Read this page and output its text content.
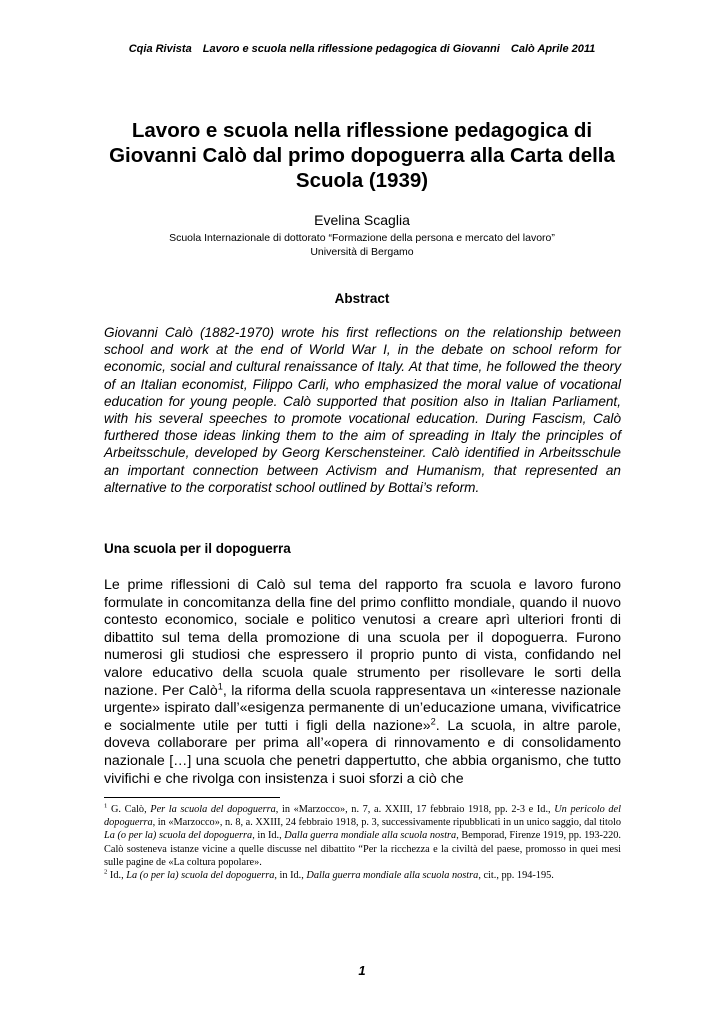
Cqia Rivista Lavoro e scuola nella riflessione pedagogica di Giovanni Calò Aprile 2011
Lavoro e scuola nella riflessione pedagogica di Giovanni Calò dal primo dopoguerra alla Carta della Scuola (1939)
Evelina Scaglia
Scuola Internazionale di dottorato “Formazione della persona e mercato del lavoro”
Università di Bergamo
Abstract
Giovanni Calò (1882-1970) wrote his first reflections on the relationship between school and work at the end of World War I, in the debate on school reform for economic, social and cultural renaissance of Italy. At that time, he followed the theory of an Italian economist, Filippo Carli, who emphasized the moral value of vocational education for young people. Calò supported that position also in Italian Parliament, with his several speeches to promote vocational education. During Fascism, Calò furthered those ideas linking them to the aim of spreading in Italy the principles of Arbeitsschule, developed by Georg Kerschensteiner. Calò identified in Arbeitsschule an important connection between Activism and Humanism, that represented an alternative to the corporatist school outlined by Bottai’s reform.
Una scuola per il dopoguerra
Le prime riflessioni di Calò sul tema del rapporto fra scuola e lavoro furono formulate in concomitanza della fine del primo conflitto mondiale, quando il nuovo contesto economico, sociale e politico venutosi a creare aprì ulteriori fronti di dibattito sul tema della promozione di una scuola per il dopoguerra. Furono numerosi gli studiosi che espressero il proprio punto di vista, confidando nel valore educativo della scuola quale strumento per risollevare le sorti della nazione. Per Calò$^1$, la riforma della scuola rappresentava un «interesse nazionale urgente» ispirato dall’«esigenza permanente di un’educazione umana, vivificatrice e socialmente utile per tutti i figli della nazione»$^2$. La scuola, in altre parole, doveva collaborare per prima all’«opera di rinnovamento e di consolidamento nazionale […] una scuola che penetri dappertutto, che abbia organismo, che tutto vivifichi e che rivolga con insistenza i suoi sforzi a ciò che

$^1$ G. Calò, Per la scuola del dopoguerra, in «Marzocco», n. 7, a. XXIII, 17 febbraio 1918, pp. 2-3 e Id., Un pericolo del dopoguerra, in «Marzocco», n. 8, a. XXIII, 24 febbraio 1918, p. 3, successivamente ripubblicati in un unico saggio, dal titolo La (o per la) scuola del dopoguerra, in Id., Dalla guerra mondiale alla scuola nostra, Bemporad, Firenze 1919, pp. 193-220. Calò sosteneva istanze vicine a quelle discusse nel dibattito “Per la ricchezza e la civiltà del paese, promosso in quei mesi sulle pagine de «La coltura popolare».

$^2$ Id., La (o per la) scuola del dopoguerra, in Id., Dalla guerra mondiale alla scuola nostra, cit., pp. 194-195.

1
